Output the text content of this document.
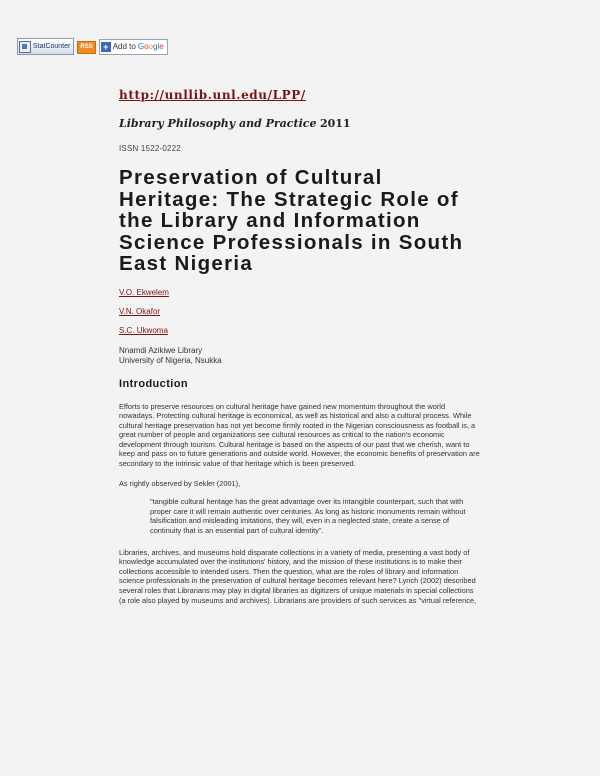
StatCounter	RSS	+ Add to Google
http://unllib.unl.edu/LPP/
Library Philosophy and Practice 2011
ISSN 1522-0222
Preservation of Cultural Heritage: The Strategic Role of the Library and Information Science Professionals in South East Nigeria
V.O. Ekwelem
V.N. Okafor
S.C. Ukwoma
Nnamdi Azikiwe Library
University of Nigeria, Nsukka
Introduction

Efforts to preserve resources on cultural heritage have gained new momentum throughout the world nowadays. Protecting cultural heritage is economical, as well as historical and also a cultural process. While cultural heritage preservation has not yet become firmly rooted in the Nigerian consciousness as football is, a great number of people and organizations see cultural resources as critical to the nation's economic development through tourism. Cultural heritage is based on the aspects of our past that we cherish, want to keep and pass on to future generations and outside world. However, the economic benefits of preservation are secondary to the intrinsic value of that heritage which is been preserved.

As rightly observed by Sekler (2001),

"tangible cultural heritage has the great advantage over its intangible counterpart, such that with proper care it will remain authentic over centuries. As long as historic monuments remain without falsification and misleading imitations, they will, even in a neglected state, create a sense of continuity that is an essential part of cultural identity".

Libraries, archives, and museums hold disparate collections in a variety of media, presenting a vast body of knowledge accumulated over the institutions' history, and the mission of these institutions is to make their collections accessible to intended users. Then the question, what are the roles of library and information science professionals in the preservation of cultural heritage becomes relevant here? Lynch (2002) described several roles that Librarians may play in digital libraries as digitizers of unique materials in special collections (a role also played by museums and archives). Librarians are providers of such services as "virtual reference,
